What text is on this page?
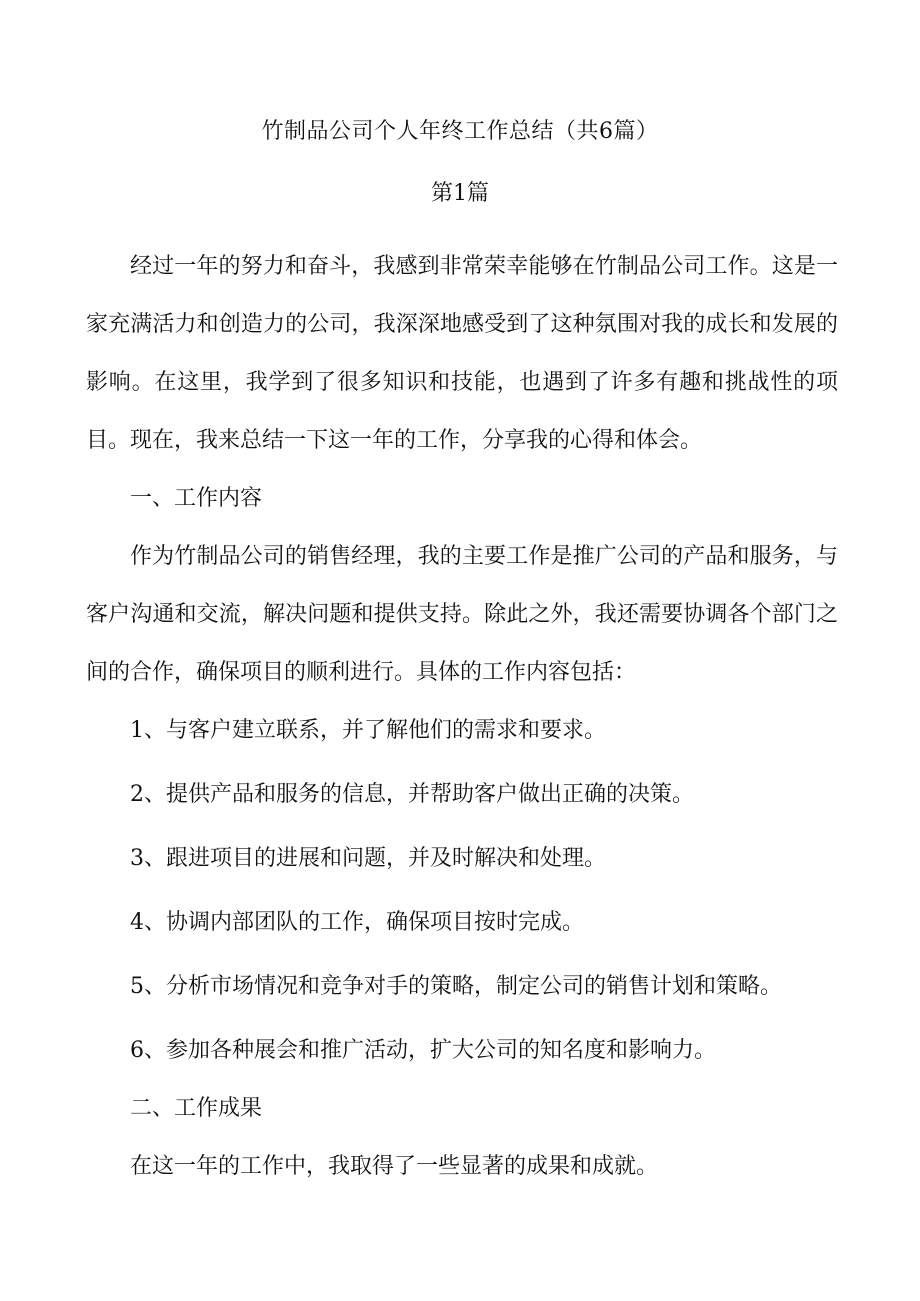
竹制品公司个人年终工作总结（共6篇）
第1篇

经过一年的努力和奋斗，我感到非常荣幸能够在竹制品公司工作。这是一家充满活力和创造力的公司，我深深地感受到了这种氛围对我的成长和发展的影响。在这里，我学到了很多知识和技能，也遇到了许多有趣和挑战性的项目。现在，我来总结一下这一年的工作，分享我的心得和体会。

一、工作内容

作为竹制品公司的销售经理，我的主要工作是推广公司的产品和服务，与客户沟通和交流，解决问题和提供支持。除此之外，我还需要协调各个部门之间的合作，确保项目的顺利进行。具体的工作内容包括：

1、与客户建立联系，并了解他们的需求和要求。

2、提供产品和服务的信息，并帮助客户做出正确的决策。

3、跟进项目的进展和问题，并及时解决和处理。

4、协调内部团队的工作，确保项目按时完成。

5、分析市场情况和竞争对手的策略，制定公司的销售计划和策略。

6、参加各种展会和推广活动，扩大公司的知名度和影响力。

二、工作成果

在这一年的工作中，我取得了一些显著的成果和成就。
